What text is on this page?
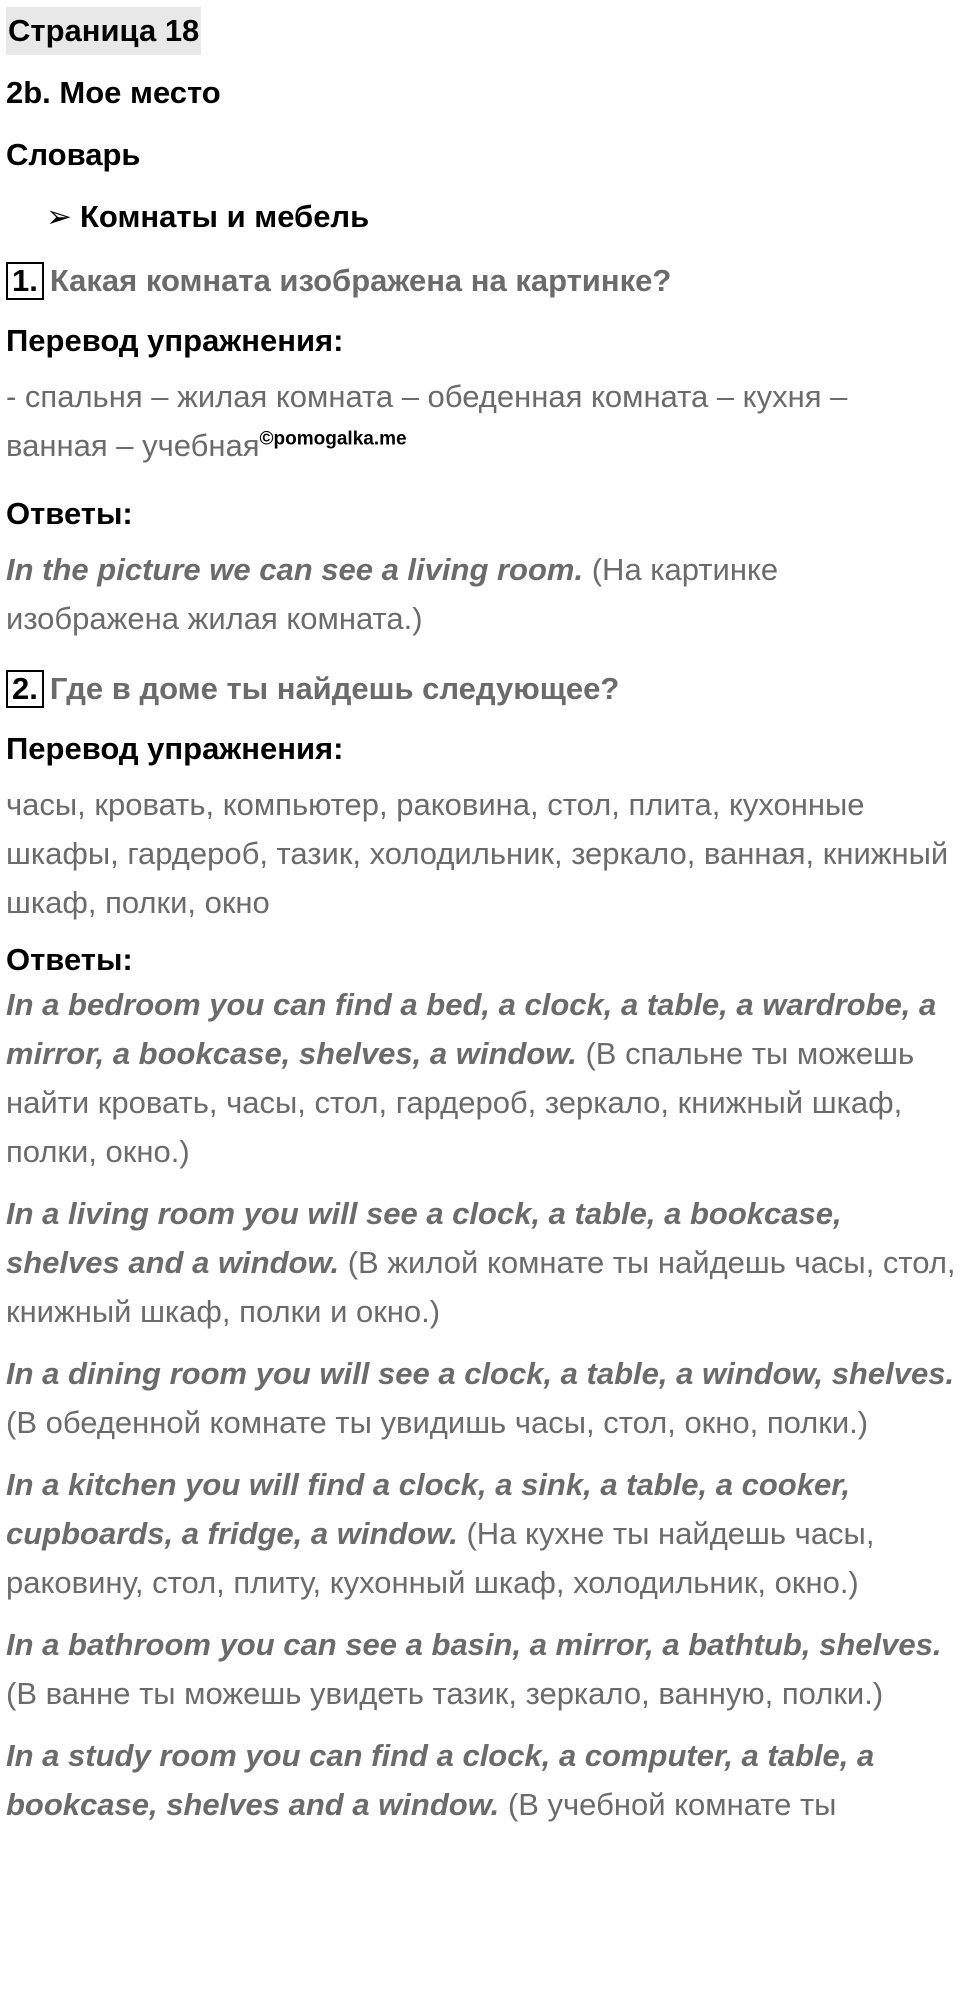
Страница 18
2b. Мое место
Словарь
➢ Комнаты и мебель
1. Какая комната изображена на картинке?
Перевод упражнения:
- спальня – жилая комната – обеденная комната – кухня – ванная – учебная$^{©pomogalka.me}$
Ответы:
In the picture we can see a living room. (На картинке изображена жилая комната.)
2. Где в доме ты найдешь следующее?
Перевод упражнения:
часы, кровать, компьютер, раковина, стол, плита, кухонные шкафы, гардероб, тазик, холодильник, зеркало, ванная, книжный шкаф, полки, окно
Ответы:
In a bedroom you can find a bed, a clock, a table, a wardrobe, a mirror, a bookcase, shelves, a window. (В спальне ты можешь найти кровать, часы, стол, гардероб, зеркало, книжный шкаф, полки, окно.)
In a living room you will see a clock, a table, a bookcase, shelves and a window. (В жилой комнате ты найдешь часы, стол, книжный шкаф, полки и окно.)
In a dining room you will see a clock, a table, a window, shelves. (В обеденной комнате ты увидишь часы, стол, окно, полки.)
In a kitchen you will find a clock, a sink, a table, a cooker, cupboards, a fridge, a window. (На кухне ты найдешь часы, раковину, стол, плиту, кухонный шкаф, холодильник, окно.)
In a bathroom you can see a basin, a mirror, a bathtub, shelves. (В ванне ты можешь увидеть тазик, зеркало, ванную, полки.)
In a study room you can find a clock, a computer, a table, a bookcase, shelves and a window. (В учебной комнате ты
